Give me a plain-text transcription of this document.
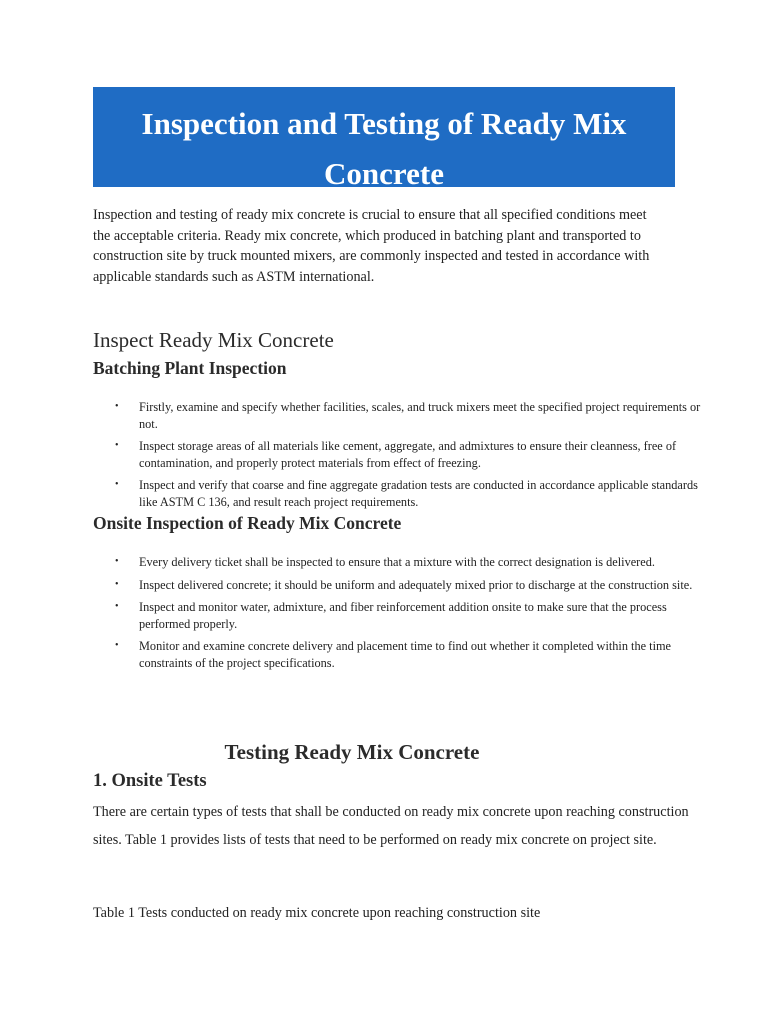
Inspection and Testing of Ready Mix Concrete

Inspection and testing of ready mix concrete is crucial to ensure that all specified conditions meet the acceptable criteria. Ready mix concrete, which produced in batching plant and transported to construction site by truck mounted mixers, are commonly inspected and tested in accordance with applicable standards such as ASTM international.

Inspect Ready Mix Concrete
Batching Plant Inspection
• Firstly, examine and specify whether facilities, scales, and truck mixers meet the specified project requirements or not.
• Inspect storage areas of all materials like cement, aggregate, and admixtures to ensure their cleanness, free of contamination, and properly protect materials from effect of freezing.
• Inspect and verify that coarse and fine aggregate gradation tests are conducted in accordance applicable standards like ASTM C 136, and result reach project requirements.
Onsite Inspection of Ready Mix Concrete
• Every delivery ticket shall be inspected to ensure that a mixture with the correct designation is delivered.
• Inspect delivered concrete; it should be uniform and adequately mixed prior to discharge at the construction site.
• Inspect and monitor water, admixture, and fiber reinforcement addition onsite to make sure that the process performed properly.
• Monitor and examine concrete delivery and placement time to find out whether it completed within the time constraints of the project specifications.
Testing Ready Mix Concrete
1. Onsite Tests

There are certain types of tests that shall be conducted on ready mix concrete upon reaching construction sites. Table 1 provides lists of tests that need to be performed on ready mix concrete on project site.

Table 1 Tests conducted on ready mix concrete upon reaching construction site
